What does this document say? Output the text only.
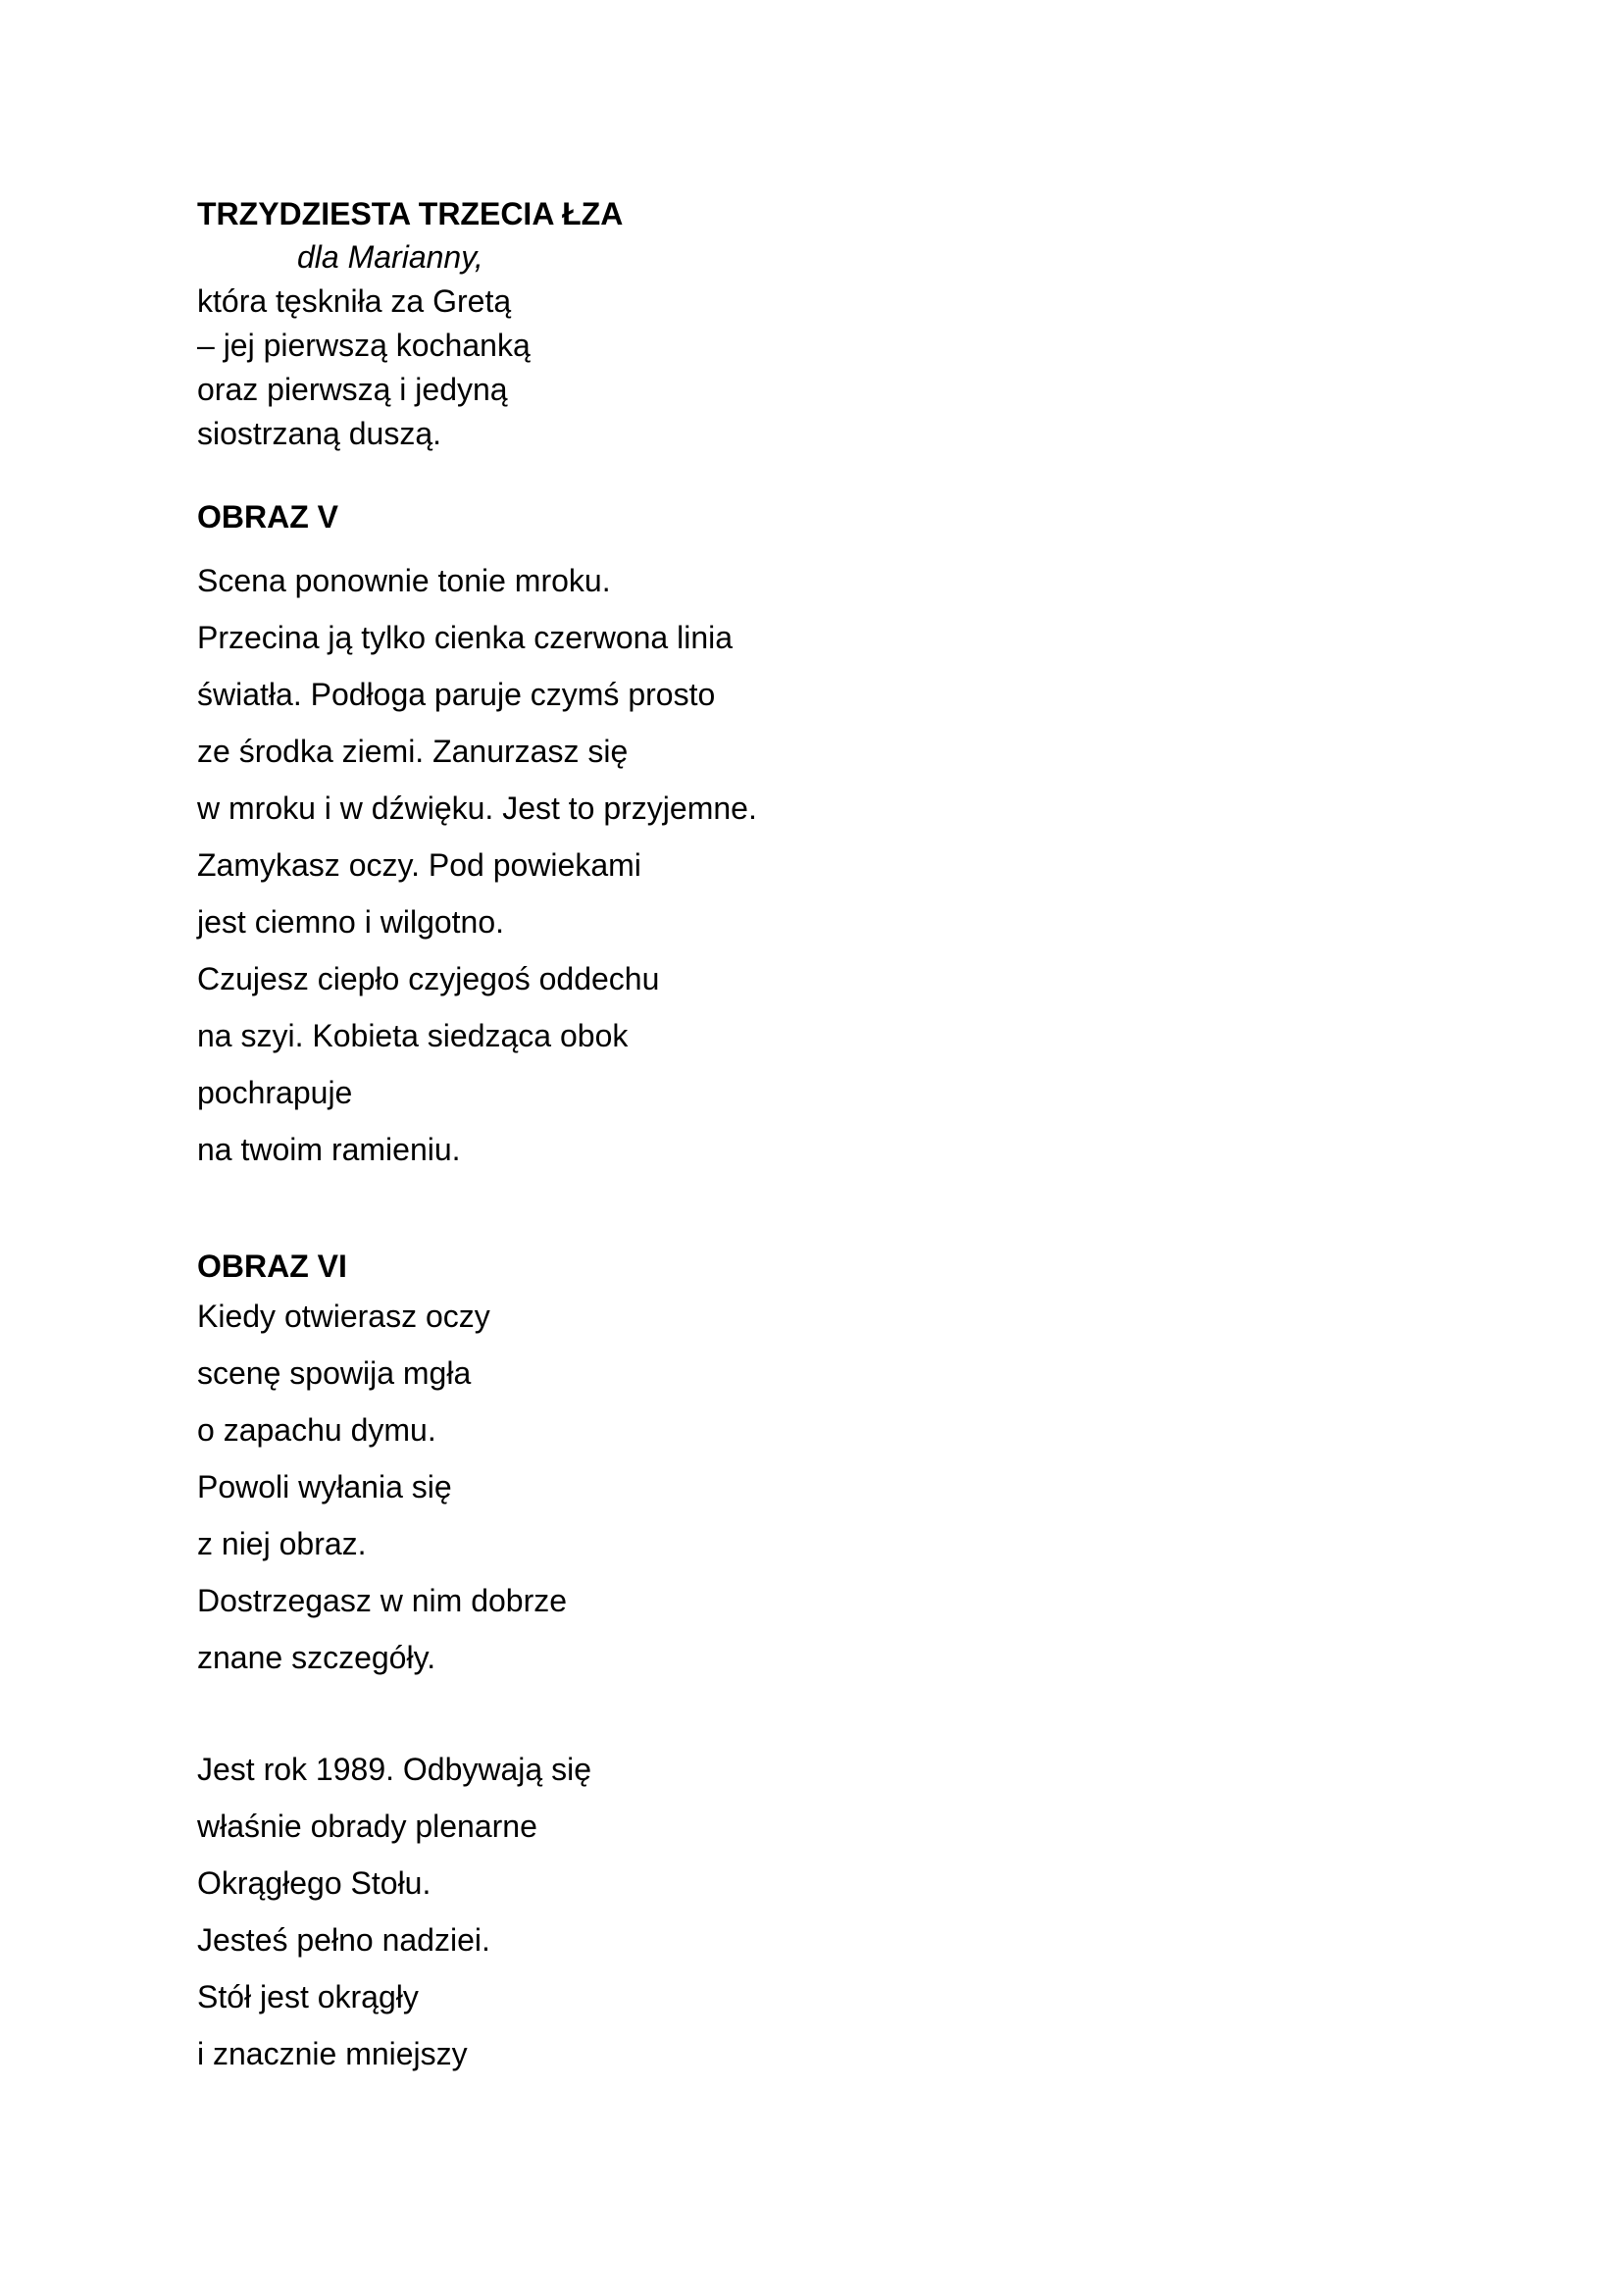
TRZYDZIESTA TRZECIA ŁZA

dla Marianny,

która tęskniła za Gretą

– jej pierwszą kochanką

oraz pierwszą i jedyną

siostrzaną duszą.

OBRAZ V

Scena ponownie tonie mroku.

Przecina ją tylko cienka czerwona linia

światła. Podłoga paruje czymś prosto

ze środka ziemi. Zanurzasz się

w mroku i w dźwięku. Jest to przyjemne.

Zamykasz oczy. Pod powiekami

jest ciemno i wilgotno.

Czujesz ciepło czyjegoś oddechu

na szyi. Kobieta siedząca obok

pochrapuje

na twoim ramieniu.

OBRAZ VI

Kiedy otwierasz oczy

scenę spowija mgła

o zapachu dymu.

Powoli wyłania się

z niej obraz.

Dostrzegasz w nim dobrze

znane szczegóły.

Jest rok 1989. Odbywają się

właśnie obrady plenarne

Okrągłego Stołu.

Jesteś pełno nadziei.

Stół jest okrągły

i znacznie mniejszy
